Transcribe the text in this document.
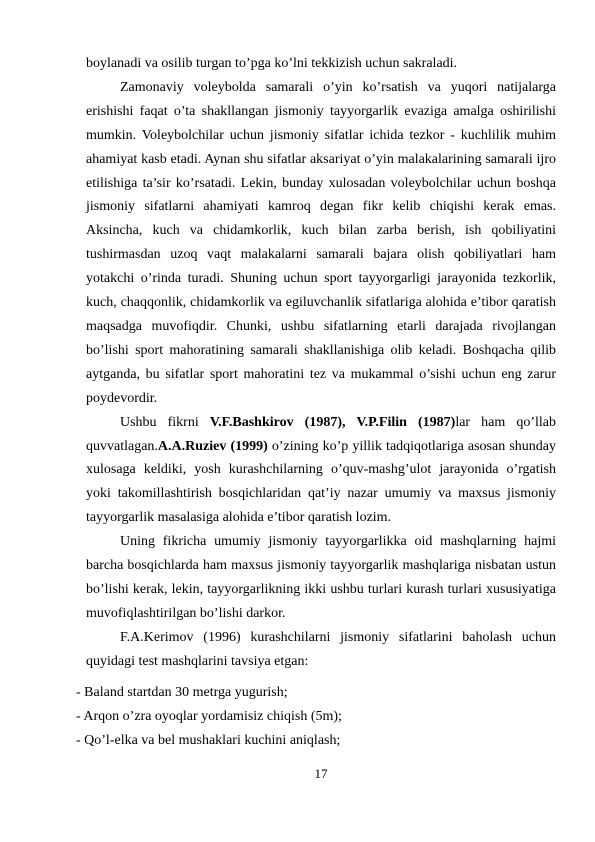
boylanadi va osilib turgan to’pga ko’lni tekkizish uchun sakraladi.

Zamonaviy voleybolda samarali o’yin ko’rsatish va yuqori natijalarga erishishi faqat o’ta shakllangan jismoniy tayyorgarlik evaziga amalga oshirilishi mumkin. Voleybolchilar uchun jismoniy sifatlar ichida tezkor - kuchlilik muhim ahamiyat kasb etadi. Aynan shu sifatlar aksariyat o’yin malakalarining samarali ijro etilishiga ta’sir ko’rsatadi. Lekin, bunday xulosadan voleybolchilar uchun boshqa jismoniy sifatlarni ahamiyati kamroq degan fikr kelib chiqishi kerak emas. Aksincha, kuch va chidamkorlik, kuch bilan zarba berish, ish qobiliyatini tushirmasdan uzoq vaqt malakalarni samarali bajara olish qobiliyatlari ham yotakchi o’rinda turadi. Shuning uchun sport tayyorgarligi jarayonida tezkorlik, kuch, chaqqonlik, chidamkorlik va egiluvchanlik sifatlariga alohida e’tibor qaratish maqsadga muvofiqdir. Chunki, ushbu sifatlarning etarli darajada rivojlangan bo’lishi sport mahoratining samarali shakllanishiga olib keladi. Boshqacha qilib aytganda, bu sifatlar sport mahoratini tez va mukammal o’sishi uchun eng zarur poydevordir.

Ushbu fikrni V.F.Bashkirov (1987), V.P.Filin (1987)lar ham qo’llab quvvatlagan.A.A.Ruziev (1999) o’zining ko’p yillik tadqiqotlariga asosan shunday xulosaga keldiki, yosh kurashchilarning o’quv-mashg’ulot jarayonida o’rgatish yoki takomillashtirish bosqichlaridan qat’iy nazar umumiy va maxsus jismoniy tayyorgarlik masalasiga alohida e’tibor qaratish lozim.

Uning fikricha umumiy jismoniy tayyorgarlikka oid mashqlarning hajmi barcha bosqichlarda ham maxsus jismoniy tayyorgarlik mashqlariga nisbatan ustun bo’lishi kerak, lekin, tayyorgarlikning ikki ushbu turlari kurash turlari xususiyatiga muvofiqlashtirilgan bo’lishi darkor.

F.A.Kerimov (1996) kurashchilarni jismoniy sifatlarini baholash uchun quyidagi test mashqlarini tavsiya etgan:

- Baland startdan 30 metrga yugurish;

- Arqon o’zra oyoqlar yordamisiz chiqish (5m);

- Qo’l-elka va bel mushaklari kuchini aniqlash;

17
